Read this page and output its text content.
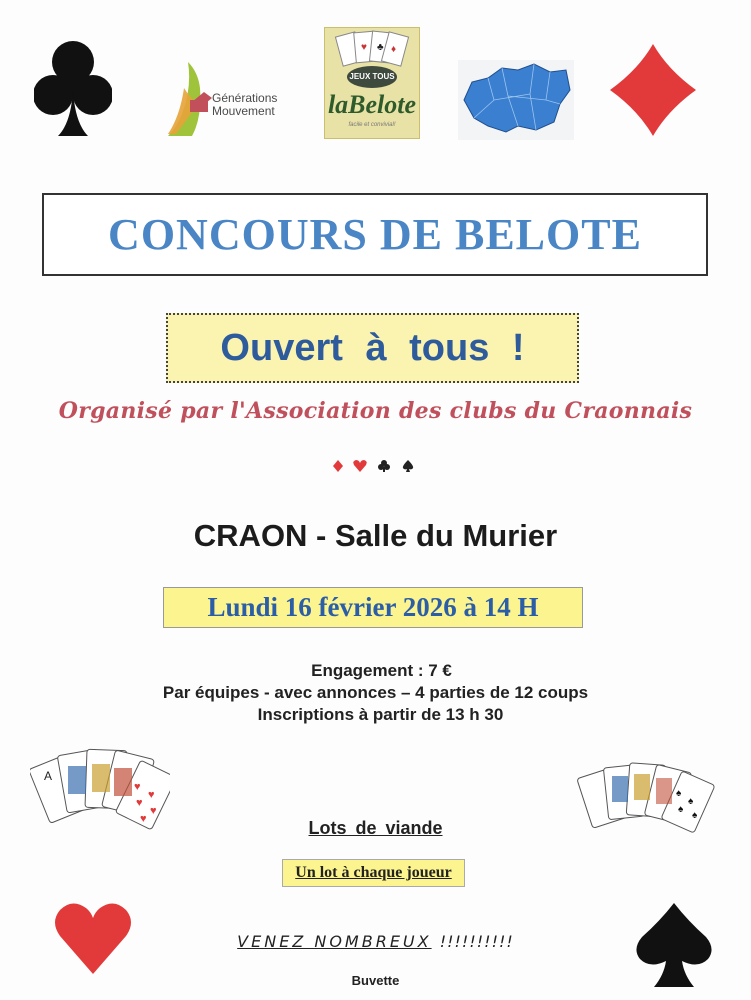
Générations
Mouvement
♥ ♣ ♦
JEUX TOUS
laBelote
facile et convivial!
CONCOURS DE BELOTE
Ouvert à tous !
Organisé par l'Association des clubs du Craonnais
CRAON - Salle du Murier
Lundi 16 février 2026 à 14 H
Engagement : 7 €
Par équipes - avec annonces – 4 parties de 12 coups
Inscriptions à partir de 13 h 30
A
♥
♥
♥
♥
♥
♠
♠
♠
♠
Lots de viande
Un lot à chaque joueur
VENEZ NOMBREUX !!!!!!!!!!
Buvette
